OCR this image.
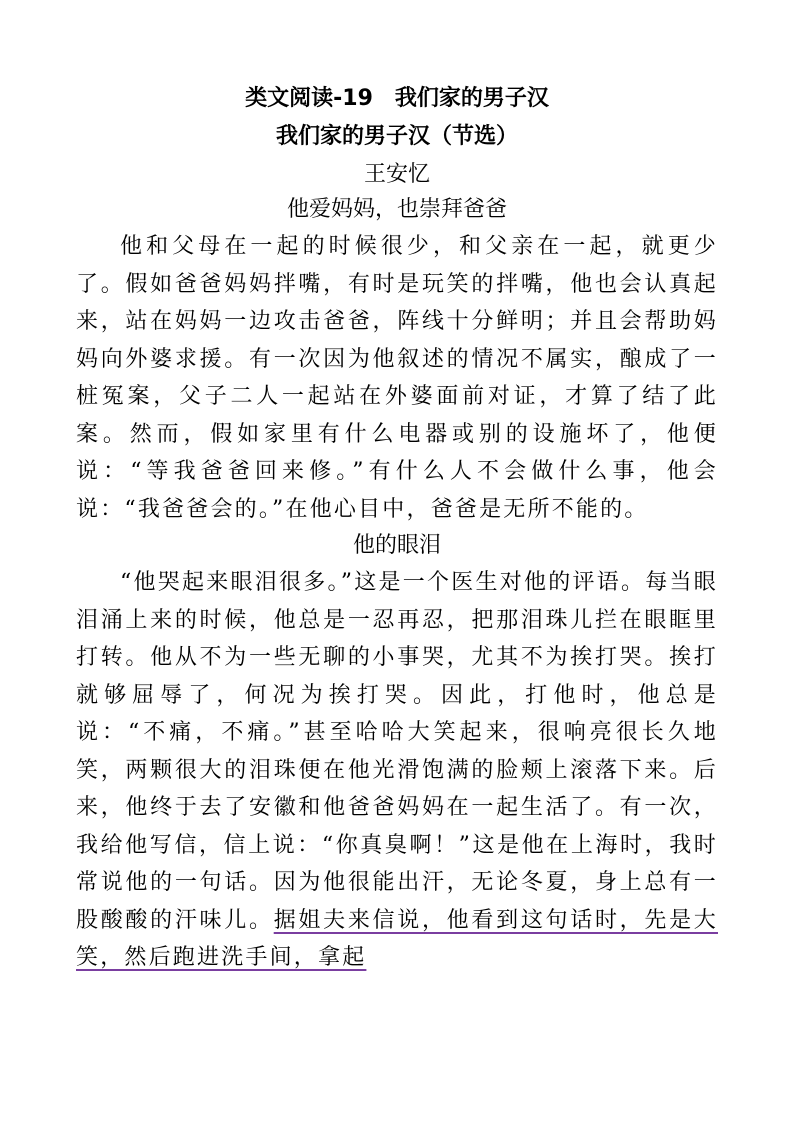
类文阅读-19　我们家的男子汉
我们家的男子汉（节选）
王安忆
他爱妈妈，也崇拜爸爸

他和父母在一起的时候很少，和父亲在一起，就更少了。假如爸爸妈妈拌嘴，有时是玩笑的拌嘴，他也会认真起来，站在妈妈一边攻击爸爸，阵线十分鲜明；并且会帮助妈妈向外婆求援。有一次因为他叙述的情况不属实，酿成了一桩冤案，父子二人一起站在外婆面前对证，才算了结了此案。然而，假如家里有什么电器或别的设施坏了，他便说：“等我爸爸回来修。”有什么人不会做什么事，他会说：“我爸爸会的。”在他心目中，爸爸是无所不能的。

他的眼泪

“他哭起来眼泪很多。”这是一个医生对他的评语。每当眼泪涌上来的时候，他总是一忍再忍，把那泪珠儿拦在眼眶里打转。他从不为一些无聊的小事哭，尤其不为挨打哭。挨打就够屈辱了，何况为挨打哭。因此，打他时，他总是说：“不痛，不痛。”甚至哈哈大笑起来，很响亮很长久地笑，两颗很大的泪珠便在他光滑饱满的脸颊上滚落下来。后来，他终于去了安徽和他爸爸妈妈在一起生活了。有一次，我给他写信，信上说：“你真臭啊！”这是他在上海时，我时常说他的一句话。因为他很能出汗，无论冬夏，身上总有一股酸酸的汗味儿。据姐夫来信说，他看到这句话时，先是大笑，然后跑进洗手间，拿起
